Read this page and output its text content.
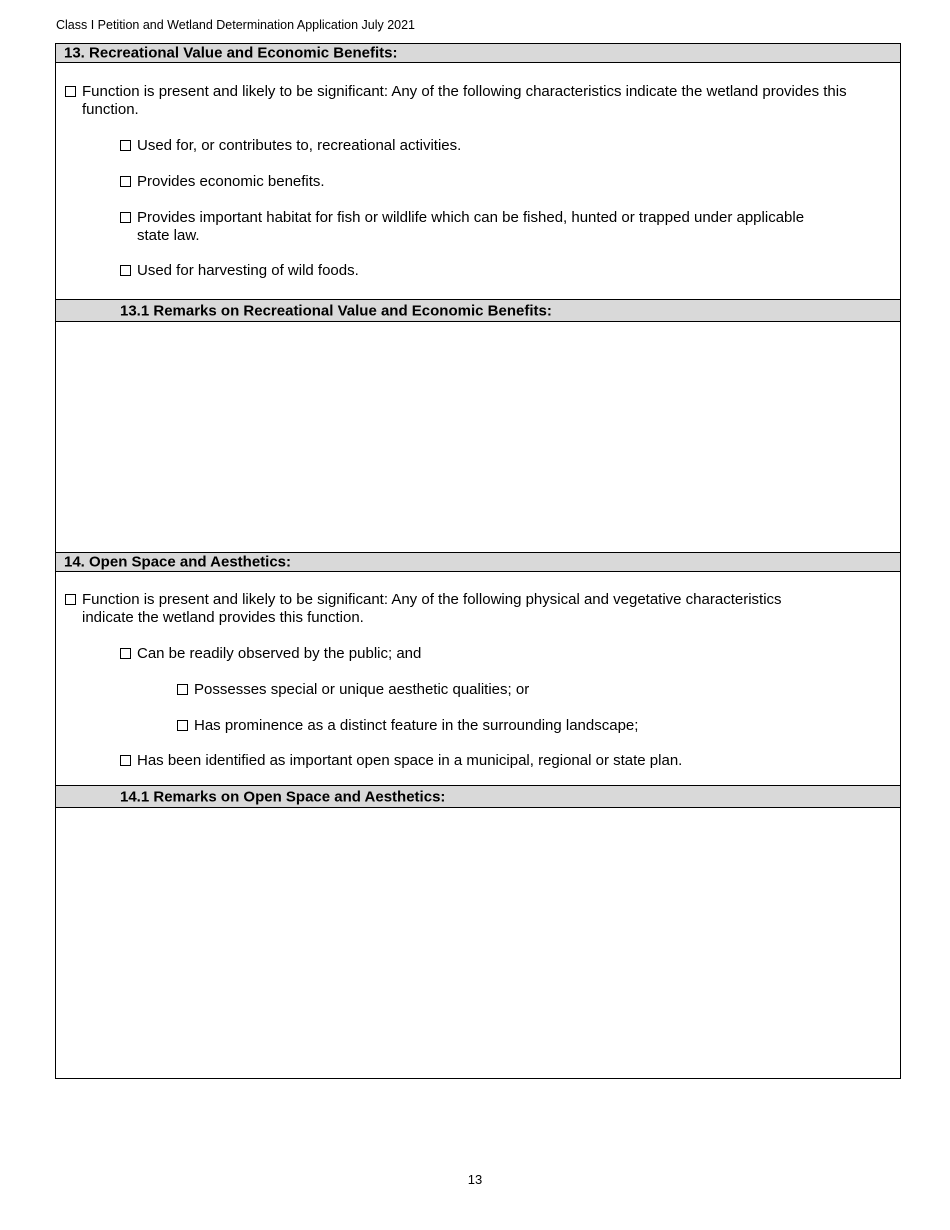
Class I Petition and Wetland Determination Application July 2021
13. Recreational Value and Economic Benefits:
Function is present and likely to be significant: Any of the following characteristics indicate the wetland provides this function.
Used for, or contributes to, recreational activities.
Provides economic benefits.
Provides important habitat for fish or wildlife which can be fished, hunted or trapped under applicable state law.
Used for harvesting of wild foods.
13.1 Remarks on Recreational Value and Economic Benefits:
14. Open Space and Aesthetics:
Function is present and likely to be significant: Any of the following physical and vegetative characteristics indicate the wetland provides this function.
Can be readily observed by the public; and
Possesses special or unique aesthetic qualities; or
Has prominence as a distinct feature in the surrounding landscape;
Has been identified as important open space in a municipal, regional or state plan.
14.1 Remarks on Open Space and Aesthetics:
13
